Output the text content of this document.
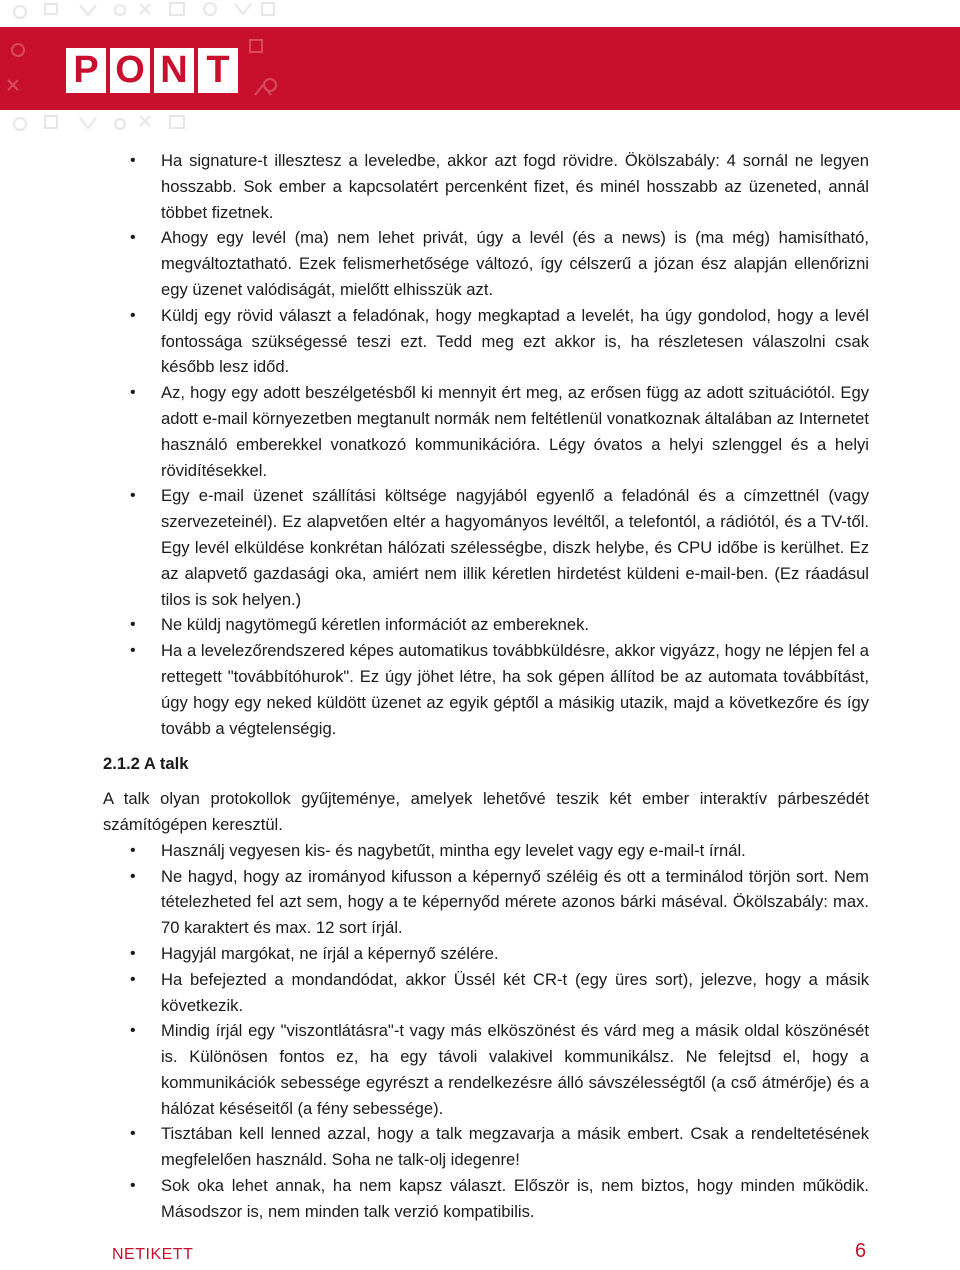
P O N T
• Ha signature-t illesztesz a leveledbe, akkor azt fogd rövidre. Ökölszabály: 4 sornál ne legyen hosszabb. Sok ember a kapcsolatért percenként fizet, és minél hosszabb az üzeneted, annál többet fizetnek.
• Ahogy egy levél (ma) nem lehet privát, úgy a levél (és a news) is (ma még) hamisítható, megváltoztatható. Ezek felismerhetősége változó, így célszerű a józan ész alapján ellenőrizni egy üzenet valódiságát, mielőtt elhisszük azt.
• Küldj egy rövid választ a feladónak, hogy megkaptad a levelét, ha úgy gondolod, hogy a levél fontossága szükségessé teszi ezt. Tedd meg ezt akkor is, ha részletesen válaszolni csak később lesz időd.
• Az, hogy egy adott beszélgetésből ki mennyit ért meg, az erősen függ az adott szituációtól. Egy adott e-mail környezetben megtanult normák nem feltétlenül vonatkoznak általában az Internetet használó emberekkel vonatkozó kommunikációra. Légy óvatos a helyi szlenggel és a helyi rövidítésekkel.
• Egy e-mail üzenet szállítási költsége nagyjából egyenlő a feladónál és a címzettnél (vagy szervezeteinél). Ez alapvetően eltér a hagyományos levéltől, a telefontól, a rádiótól, és a TV-től. Egy levél elküldése konkrétan hálózati szélességbe, diszk helybe, és CPU időbe is kerülhet. Ez az alapvető gazdasági oka, amiért nem illik kéretlen hirdetést küldeni e-mail-ben. (Ez ráadásul tilos is sok helyen.)
• Ne küldj nagytömegű kéretlen információt az embereknek.
• Ha a levelezőrendszered képes automatikus továbbküldésre, akkor vigyázz, hogy ne lépjen fel a rettegett "továbbítóhurok". Ez úgy jöhet létre, ha sok gépen állítod be az automata továbbítást, úgy hogy egy neked küldött üzenet az egyik géptől a másikig utazik, majd a következőre és így tovább a végtelenségig.
2.1.2 A talk

A talk olyan protokollok gyűjteménye, amelyek lehetővé teszik két ember interaktív párbeszédét számítógépen keresztül.

• Használj vegyesen kis- és nagybetűt, mintha egy levelet vagy egy e-mail-t írnál.
• Ne hagyd, hogy az irományod kifusson a képernyő széléig és ott a terminálod törjön sort. Nem tételezheted fel azt sem, hogy a te képernyőd mérete azonos bárki máséval. Ökölszabály: max. 70 karaktert és max. 12 sort írjál.
• Hagyjál margókat, ne írjál a képernyő szélére.
• Ha befejezted a mondandódat, akkor Üssél két CR-t (egy üres sort), jelezve, hogy a másik következik.
• Mindig írjál egy "viszontlátásra"-t vagy más elköszönést és várd meg a másik oldal köszönését is. Különösen fontos ez, ha egy távoli valakivel kommunikálsz. Ne felejtsd el, hogy a kommunikációk sebessége egyrészt a rendelkezésre álló sávszélességtől (a cső átmérője) és a hálózat késéseitől (a fény sebessége).
• Tisztában kell lenned azzal, hogy a talk megzavarja a másik embert. Csak a rendeltetésének megfelelően használd. Soha ne talk-olj idegenre!
• Sok oka lehet annak, ha nem kapsz választ. Először is, nem biztos, hogy minden működik. Másodszor is, nem minden talk verzió kompatibilis.
NETIKETT	6
